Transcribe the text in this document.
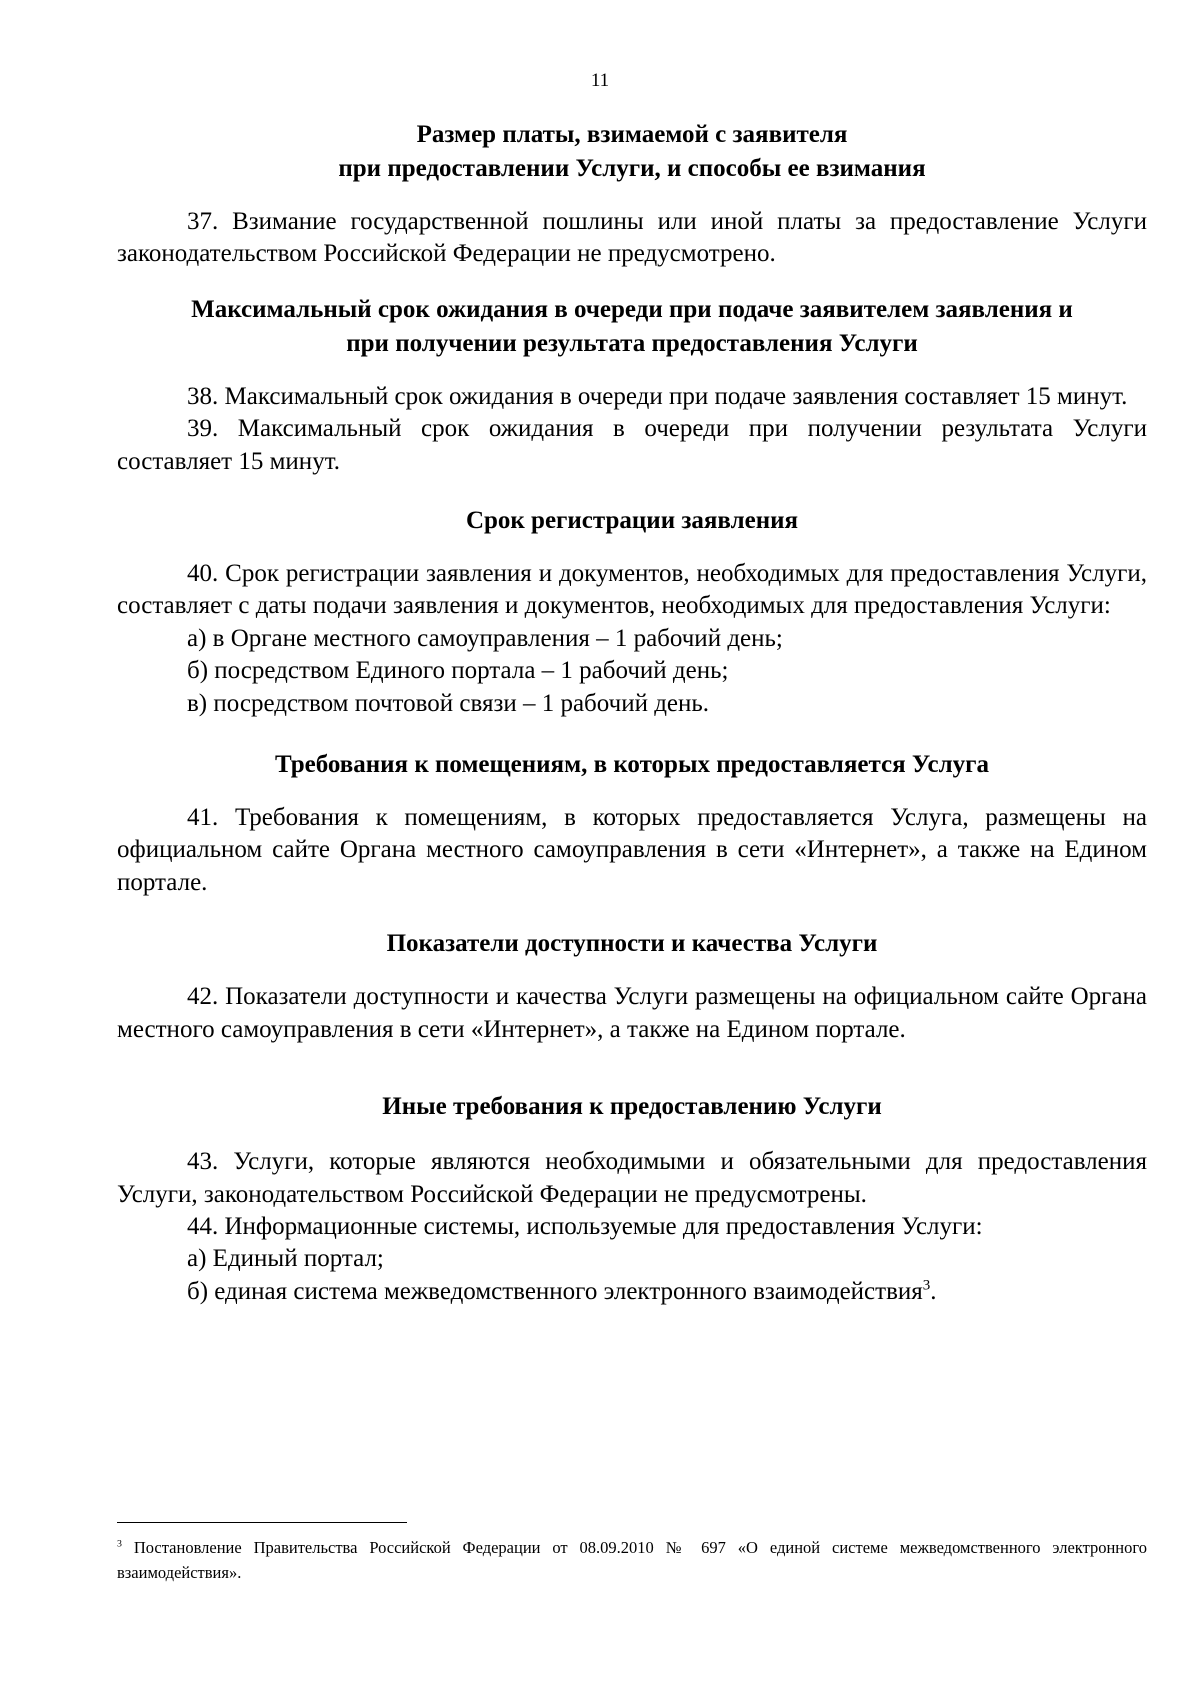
11

Размер платы, взимаемой с заявителя
при предоставлении Услуги, и способы ее взимания

37. Взимание государственной пошлины или иной платы за предоставление Услуги законодательством Российской Федерации не предусмотрено.

Максимальный срок ожидания в очереди при подаче заявителем заявления и
при получении результата предоставления Услуги

38. Максимальный срок ожидания в очереди при подаче заявления составляет 15 минут.

39. Максимальный срок ожидания в очереди при получении результата Услуги составляет 15 минут.

Срок регистрации заявления

40. Срок регистрации заявления и документов, необходимых для предоставления Услуги, составляет с даты подачи заявления и документов, необходимых для предоставления Услуги:

а) в Органе местного самоуправления – 1 рабочий день;

б) посредством Единого портала – 1 рабочий день;

в) посредством почтовой связи – 1 рабочий день.

Требования к помещениям, в которых предоставляется Услуга

41. Требования к помещениям, в которых предоставляется Услуга, размещены на официальном сайте Органа местного самоуправления в сети «Интернет», а также на Едином портале.

Показатели доступности и качества Услуги

42. Показатели доступности и качества Услуги размещены на официальном сайте Органа местного самоуправления в сети «Интернет», а также на Едином портале.

Иные требования к предоставлению Услуги

43. Услуги, которые являются необходимыми и обязательными для предоставления Услуги, законодательством Российской Федерации не предусмотрены.

44. Информационные системы, используемые для предоставления Услуги:

а) Единый портал;

б) единая система межведомственного электронного взаимодействия$^3$.

$^3$ Постановление Правительства Российской Федерации от 08.09.2010 № 697 «О единой системе межведомственного электронного взаимодействия».
